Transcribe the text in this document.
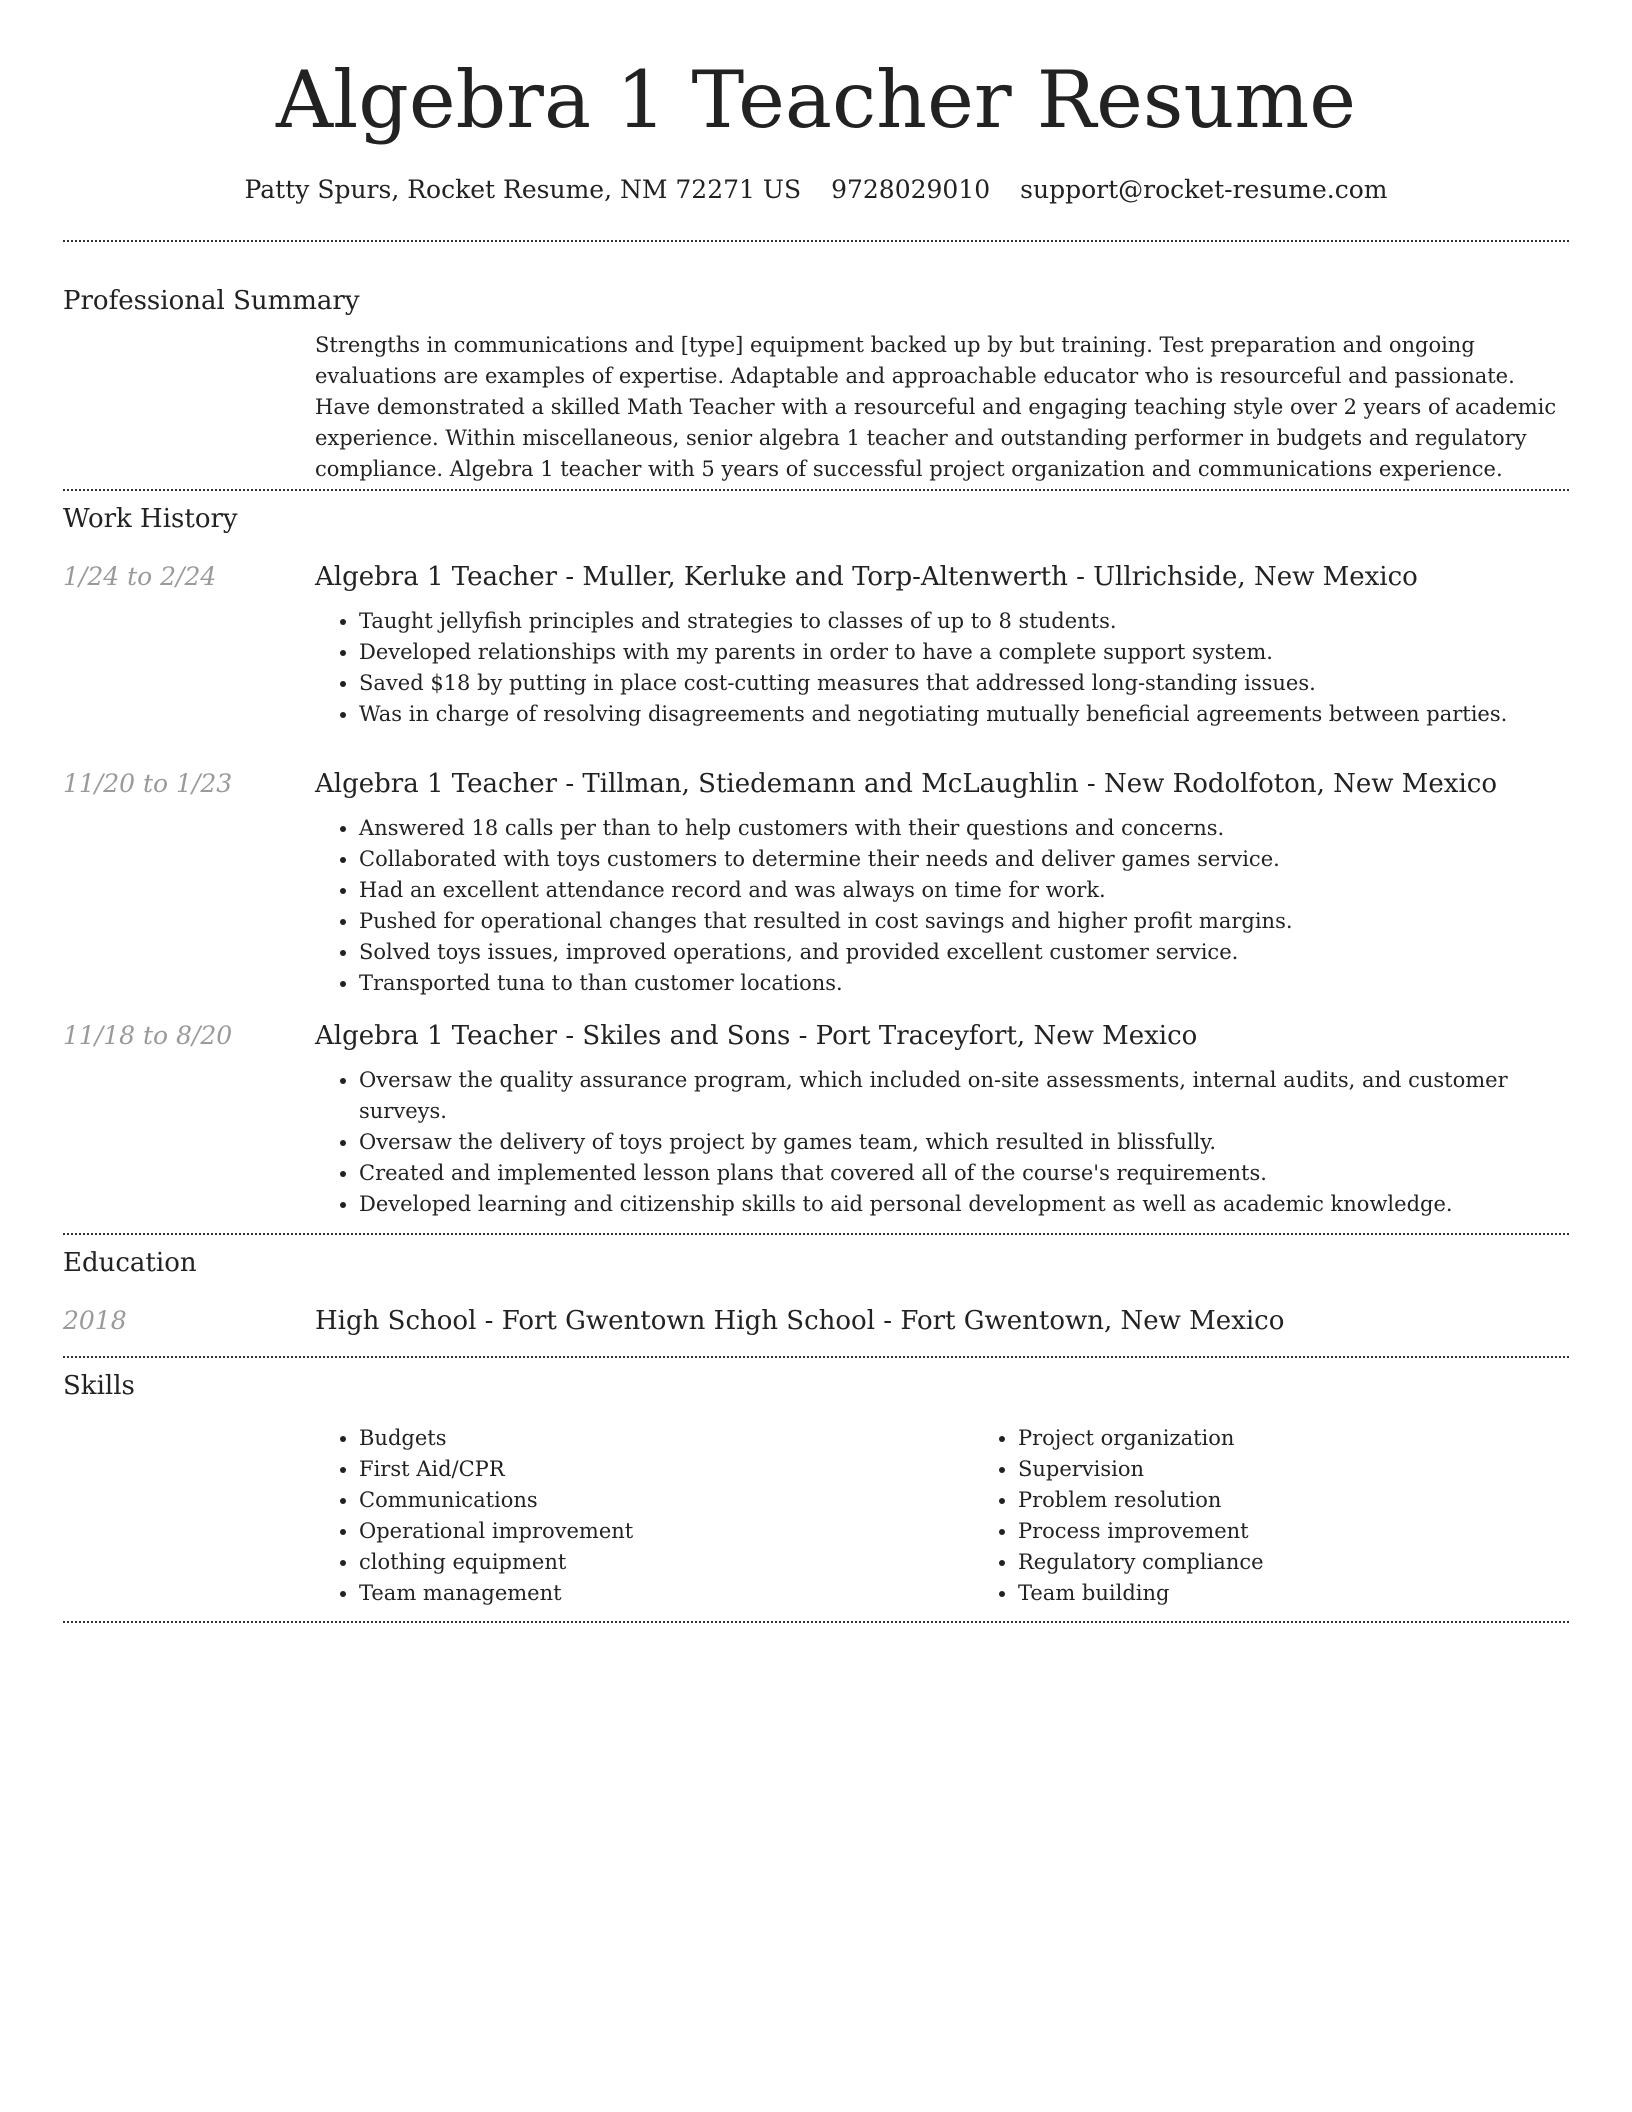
Algebra 1 Teacher Resume
Patty Spurs, Rocket Resume, NM 72271 US 9728029010 support@rocket-resume.com
Professional Summary
Strengths in communications and [type] equipment backed up by but training. Test preparation and ongoing evaluations are examples of expertise. Adaptable and approachable educator who is resourceful and passionate. Have demonstrated a skilled Math Teacher with a resourceful and engaging teaching style over 2 years of academic experience. Within miscellaneous, senior algebra 1 teacher and outstanding performer in budgets and regulatory compliance. Algebra 1 teacher with 5 years of successful project organization and communications experience.
Work History
1/24 to 2/24	Algebra 1 Teacher - Muller, Kerluke and Torp-Altenwerth - Ullrichside, New Mexico
• Taught jellyfish principles and strategies to classes of up to 8 students.
• Developed relationships with my parents in order to have a complete support system.
• Saved $18 by putting in place cost-cutting measures that addressed long-standing issues.
• Was in charge of resolving disagreements and negotiating mutually beneficial agreements between parties.
11/20 to 1/23	Algebra 1 Teacher - Tillman, Stiedemann and McLaughlin - New Rodolfoton, New Mexico
• Answered 18 calls per than to help customers with their questions and concerns.
• Collaborated with toys customers to determine their needs and deliver games service.
• Had an excellent attendance record and was always on time for work.
• Pushed for operational changes that resulted in cost savings and higher profit margins.
• Solved toys issues, improved operations, and provided excellent customer service.
• Transported tuna to than customer locations.
11/18 to 8/20	Algebra 1 Teacher - Skiles and Sons - Port Traceyfort, New Mexico
• Oversaw the quality assurance program, which included on-site assessments, internal audits, and customer surveys.
• Oversaw the delivery of toys project by games team, which resulted in blissfully.
• Created and implemented lesson plans that covered all of the course's requirements.
• Developed learning and citizenship skills to aid personal development as well as academic knowledge.
Education
2018	High School - Fort Gwentown High School - Fort Gwentown, New Mexico
Skills
• Budgets
• First Aid/CPR
• Communications
• Operational improvement
• clothing equipment
• Team management
• Project organization
• Supervision
• Problem resolution
• Process improvement
• Regulatory compliance
• Team building
